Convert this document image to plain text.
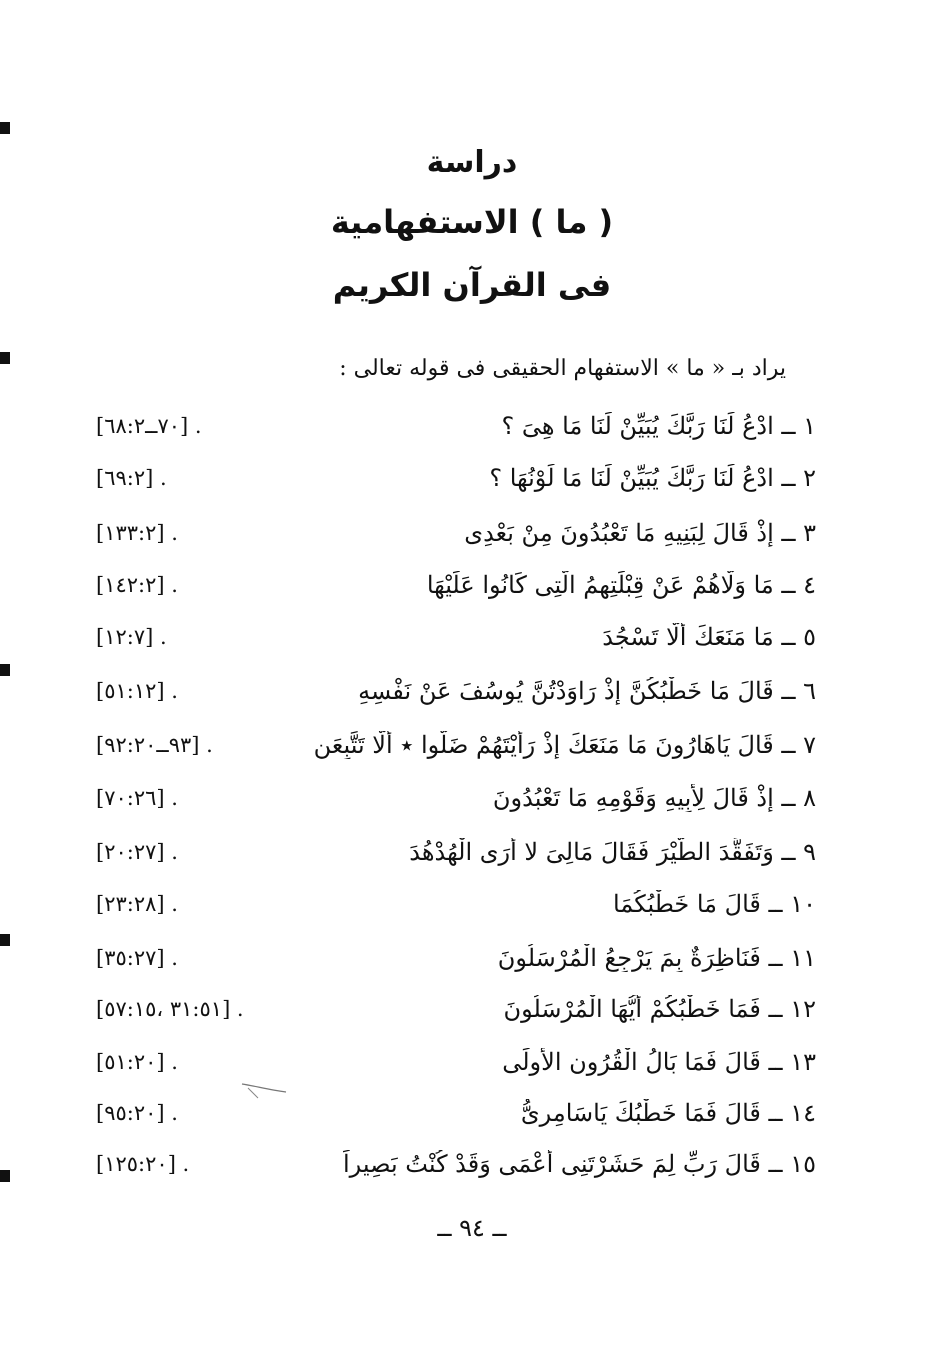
دراسة
( ما ) الاستفهامية
فى القرآن الكريم
يراد بـ « ما » الاستفهام الحقيقى فى قوله تعالى :
١ ــ ادْعُ لَنَا رَبَّكَ يُبَيِّنْ لَنَا مَا هِىَ ؟
. [٧٠ــ٦٨:٢]
٢ ــ ادْعُ لَنَا رَبَّكَ يُبَيِّنْ لَنَا مَا لَوْنُهَا ؟
. [٦٩:٢]
٣ ــ إِذْ قَالَ لِبَنِيهِ مَا تَعْبُدُونَ مِنْ بَعْدِى
. [١٣٣:٢]
٤ ــ مَا وَلَّاهُمْ عَنْ قِبْلَتِهِمُ الَّتِى كَانُوا عَلَيْهَا
. [١٤٢:٢]
٥ ــ مَا مَنَعَكَ أَلَّا تَسْجُدَ
. [١٢:٧]
٦ ــ قَالَ مَا خَطْبُكُنَّ إِذْ رَاوَدْتُنَّ يُوسُفَ عَنْ نَفْسِهِ
. [٥١:١٢]
٧ ــ قَالَ يَاهَارُونَ مَا مَنَعَكَ إِذْ رَأَيْتَهُمْ ضَلُّوا ٭ أَلَّا تَتَّبِعَنِ
. [٩٣ــ٩٢:٢٠]
٨ ــ إِذْ قَالَ لِأَبِيهِ وَقَوْمِهِ مَا تَعْبُدُونَ
. [٧٠:٢٦]
٩ ــ وَتَفَقَّدَ الطَّيْرَ فَقَالَ مَالِىَ لا أَرَى الْهُدْهُدَ
. [٢٠:٢٧]
١٠ ــ قَالَ مَا خَطْبُكُمَا
. [٢٣:٢٨]
١١ ــ فَنَاظِرَةٌ بِمَ يَرْجِعُ الْمُرْسَلُونَ
. [٣٥:٢٧]
١٢ ــ فَمَا خَطْبُكُمْ أَيُّهَا الْمُرْسَلُونَ
. [٣١:٥١ ،٥٧:١٥]
١٣ ــ قَالَ فَمَا بَالُ الْقُرُونِ الأُولَى
. [٥١:٢٠]
١٤ ــ قَالَ فَمَا خَطْبُكَ يَاسَامِرِىُّ
. [٩٥:٢٠]
١٥ ــ قَالَ رَبِّ لِمَ حَشَرْتَنِى أَعْمَى وَقَدْ كُنْتُ بَصِيراً
. [١٢٥:٢٠]
ــ ٩٤ ــ
